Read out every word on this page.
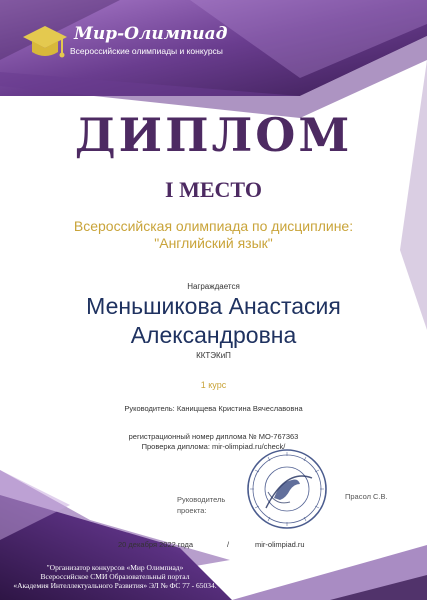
Мир-Олимпиад
Всероссийские олимпиады и конкурсы
ДИПЛОМ
I МЕСТО
Всероссийская олимпиада по дисциплине:
"Английский язык"
Награждается
Меньшикова Анастасия
Александровна
ККТЭКиП
1 курс
Руководитель: Каницщева Кристина Вячеславовна
регистрационный номер диплома № МО-767363
Проверка диплома: mir-olimpiad.ru/check/
Руководитель
проекта:
Прасол С.В.
20 декабря 2022 года	/	mir-olimpiad.ru
"Организатор конкурсов «Мир Олимпиад»
Всероссийское СМИ Образовательный портал
«Академия Интеллектуального Развития» ЭЛ № ФС 77 - 65034.
